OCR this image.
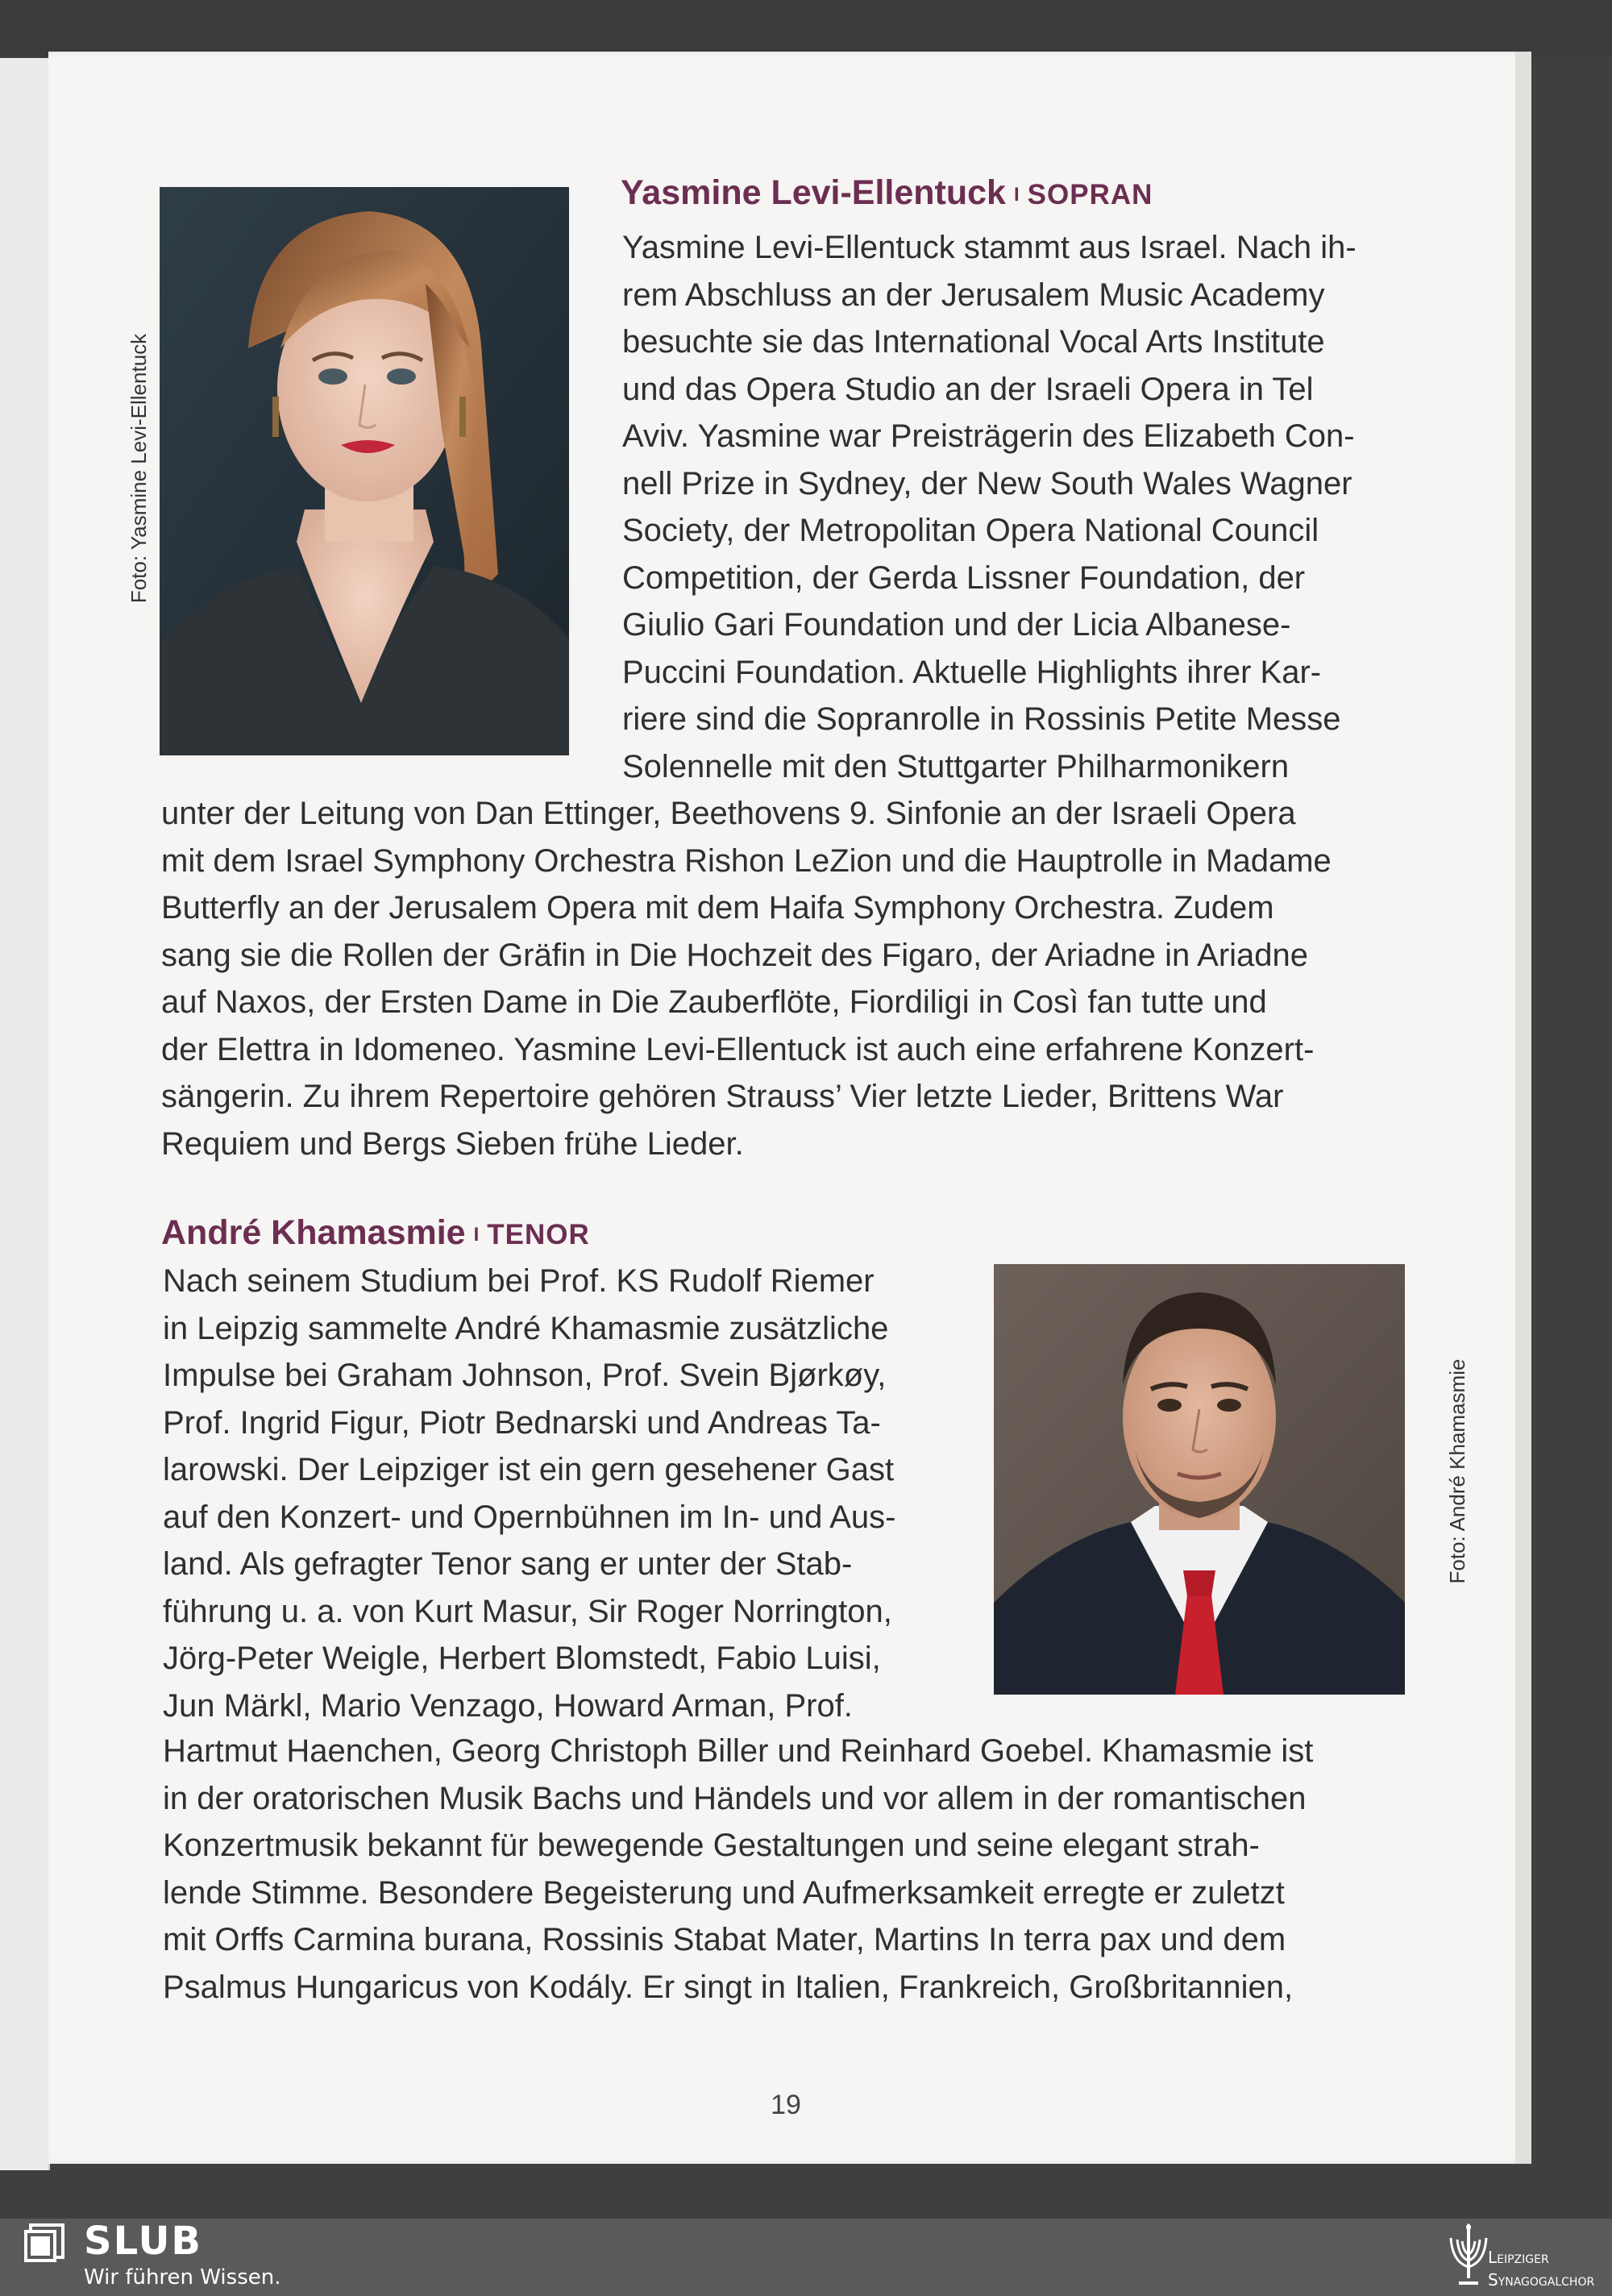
Foto: Yasmine Levi-Ellentuck
Yasmine Levi-Ellentuck I SOPRAN
Yasmine Levi-Ellentuck stammt aus Israel. Nach ih-
rem Abschluss an der Jerusalem Music Academy
besuchte sie das International Vocal Arts Institute
und das Opera Studio an der Israeli Opera in Tel
Aviv. Yasmine war Preisträgerin des Elizabeth Con-
nell Prize in Sydney, der New South Wales Wagner
Society, der Metropolitan Opera National Council
Competition, der Gerda Lissner Foundation, der
Giulio Gari Foundation und der Licia Albanese-
Puccini Foundation. Aktuelle Highlights ihrer Kar-
riere sind die Sopranrolle in Rossinis Petite Messe
Solennelle mit den Stuttgarter Philharmonikern
unter der Leitung von Dan Ettinger, Beethovens 9. Sinfonie an der Israeli Opera
mit dem Israel Symphony Orchestra Rishon LeZion und die Hauptrolle in Madame
Butterfly an der Jerusalem Opera mit dem Haifa Symphony Orchestra. Zudem
sang sie die Rollen der Gräfin in Die Hochzeit des Figaro, der Ariadne in Ariadne
auf Naxos, der Ersten Dame in Die Zauberflöte, Fiordiligi in Così fan tutte und
der Elettra in Idomeneo. Yasmine Levi-Ellentuck ist auch eine erfahrene Konzert-
sängerin. Zu ihrem Repertoire gehören Strauss’ Vier letzte Lieder, Brittens War
Requiem und Bergs Sieben frühe Lieder.
André Khamasmie I TENOR
Nach seinem Studium bei Prof. KS Rudolf Riemer
in Leipzig sammelte André Khamasmie zusätzliche
Impulse bei Graham Johnson, Prof. Svein Bjørkøy,
Prof. Ingrid Figur, Piotr Bednarski und Andreas Ta-
larowski. Der Leipziger ist ein gern gesehener Gast
auf den Konzert- und Opernbühnen im In- und Aus-
land. Als gefragter Tenor sang er unter der Stab-
führung u. a. von Kurt Masur, Sir Roger Norrington,
Jörg-Peter Weigle, Herbert Blomstedt, Fabio Luisi,
Jun Märkl, Mario Venzago, Howard Arman, Prof.
Foto: André Khamasmie
Hartmut Haenchen, Georg Christoph Biller und Reinhard Goebel. Khamasmie ist
in der oratorischen Musik Bachs und Händels und vor allem in der romantischen
Konzertmusik bekannt für bewegende Gestaltungen und seine elegant strah-
lende Stimme. Besondere Begeisterung und Aufmerksamkeit erregte er zuletzt
mit Orffs Carmina burana, Rossinis Stabat Mater, Martins In terra pax und dem
Psalmus Hungaricus von Kodály. Er singt in Italien, Frankreich, Großbritannien,
19
SLUB
Wir führen Wissen.
Leipziger
Synagogalchor
